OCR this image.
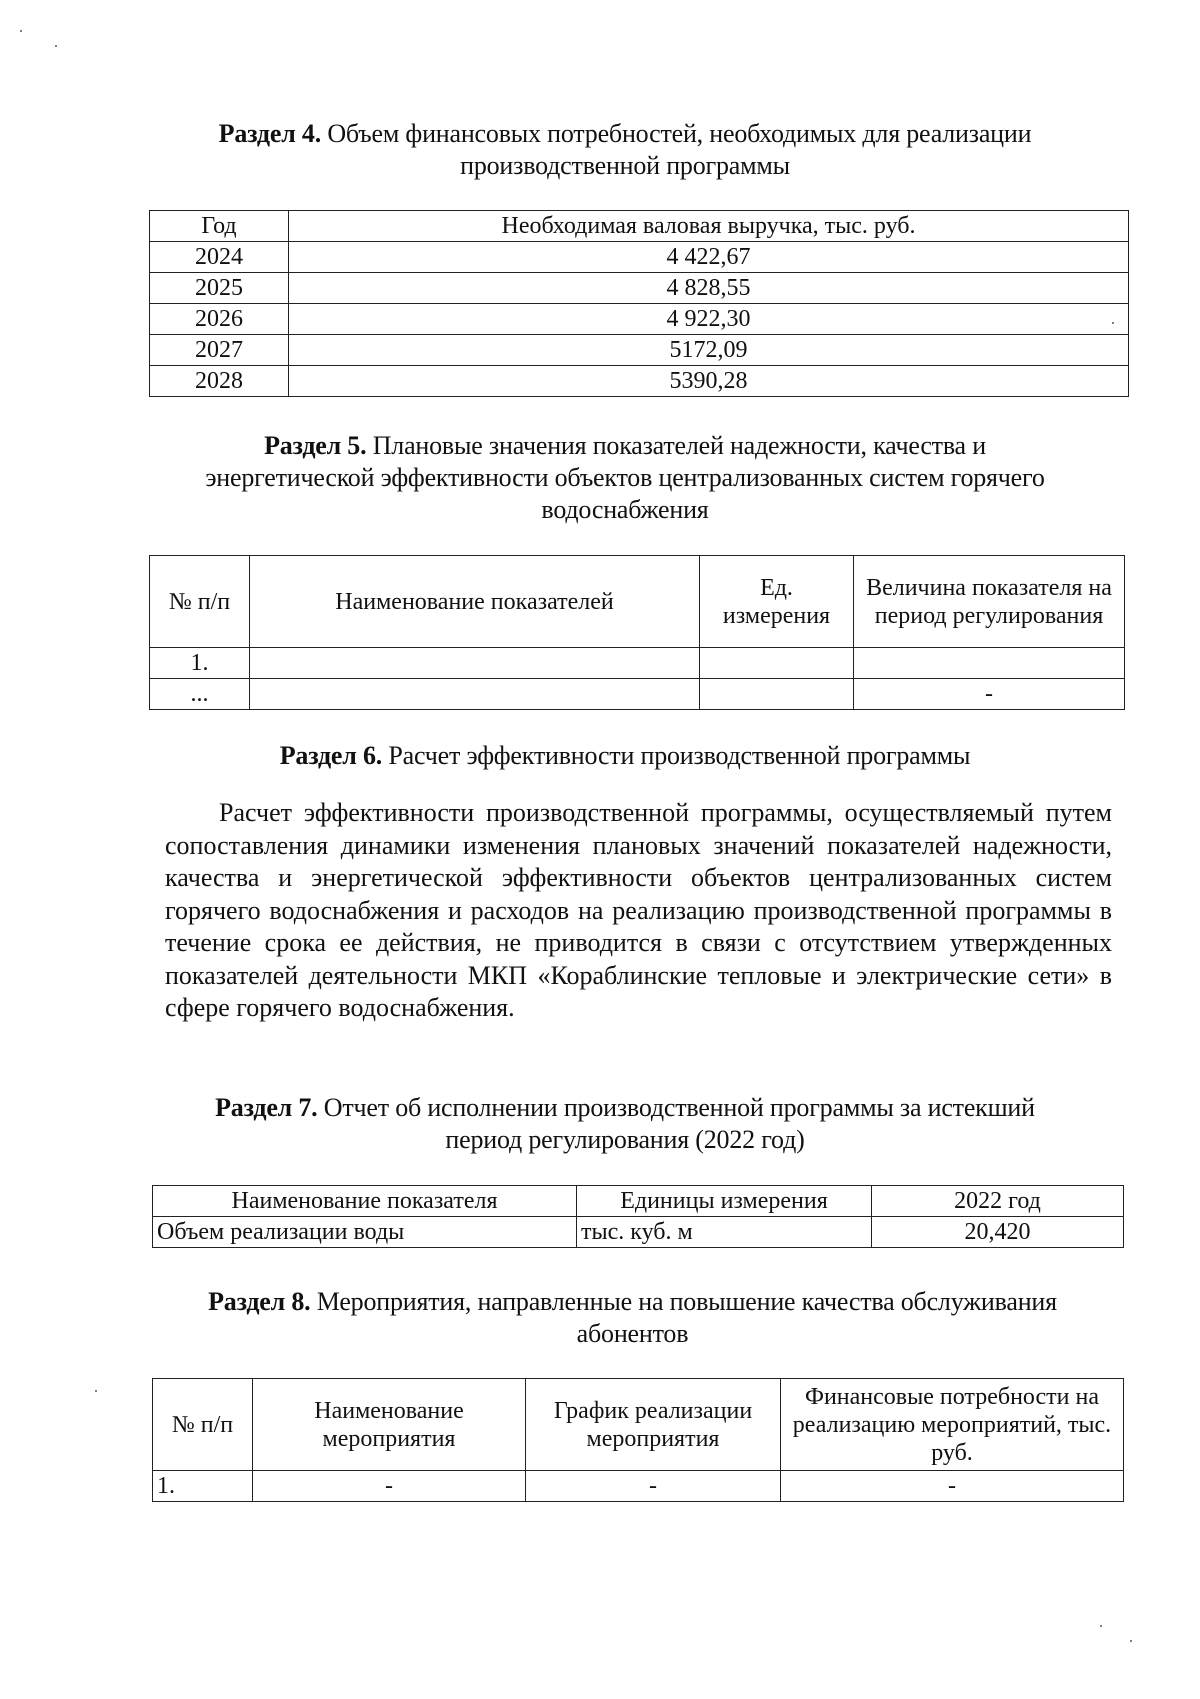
Раздел 4. Объем финансовых потребностей, необходимых для реализации
производственной программы
Год	Необходимая валовая выручка, тыс. руб.
2024	4 422,67
2025	4 828,55
2026	4 922,30
2027	5172,09
2028	5390,28
Раздел 5. Плановые значения показателей надежности, качества и
энергетической эффективности объектов централизованных систем горячего
водоснабжения
№ п/п	Наименование показателей	Ед. измерения	Величина показателя на период регулирования
1.			
...			-
Раздел 6. Расчет эффективности производственной программы

Расчет эффективности производственной программы, осуществляемый путем сопоставления динамики изменения плановых значений показателей надежности, качества и энергетической эффективности объектов централизованных систем горячего водоснабжения и расходов на реализацию производственной программы в течение срока ее действия, не приводится в связи с отсутствием утвержденных показателей деятельности МКП «Кораблинские тепловые и электрические сети» в сфере горячего водоснабжения.

Раздел 7. Отчет об исполнении производственной программы за истекший
период регулирования (2022 год)
Наименование показателя	Единицы измерения	2022 год
Объем реализации воды	тыс. куб. м	20,420
Раздел 8. Мероприятия, направленные на повышение качества обслуживания
абонентов
№ п/п	Наименование мероприятия	График реализации мероприятия	Финансовые потребности на реализацию мероприятий, тыс. руб.
1.	-	-	-
